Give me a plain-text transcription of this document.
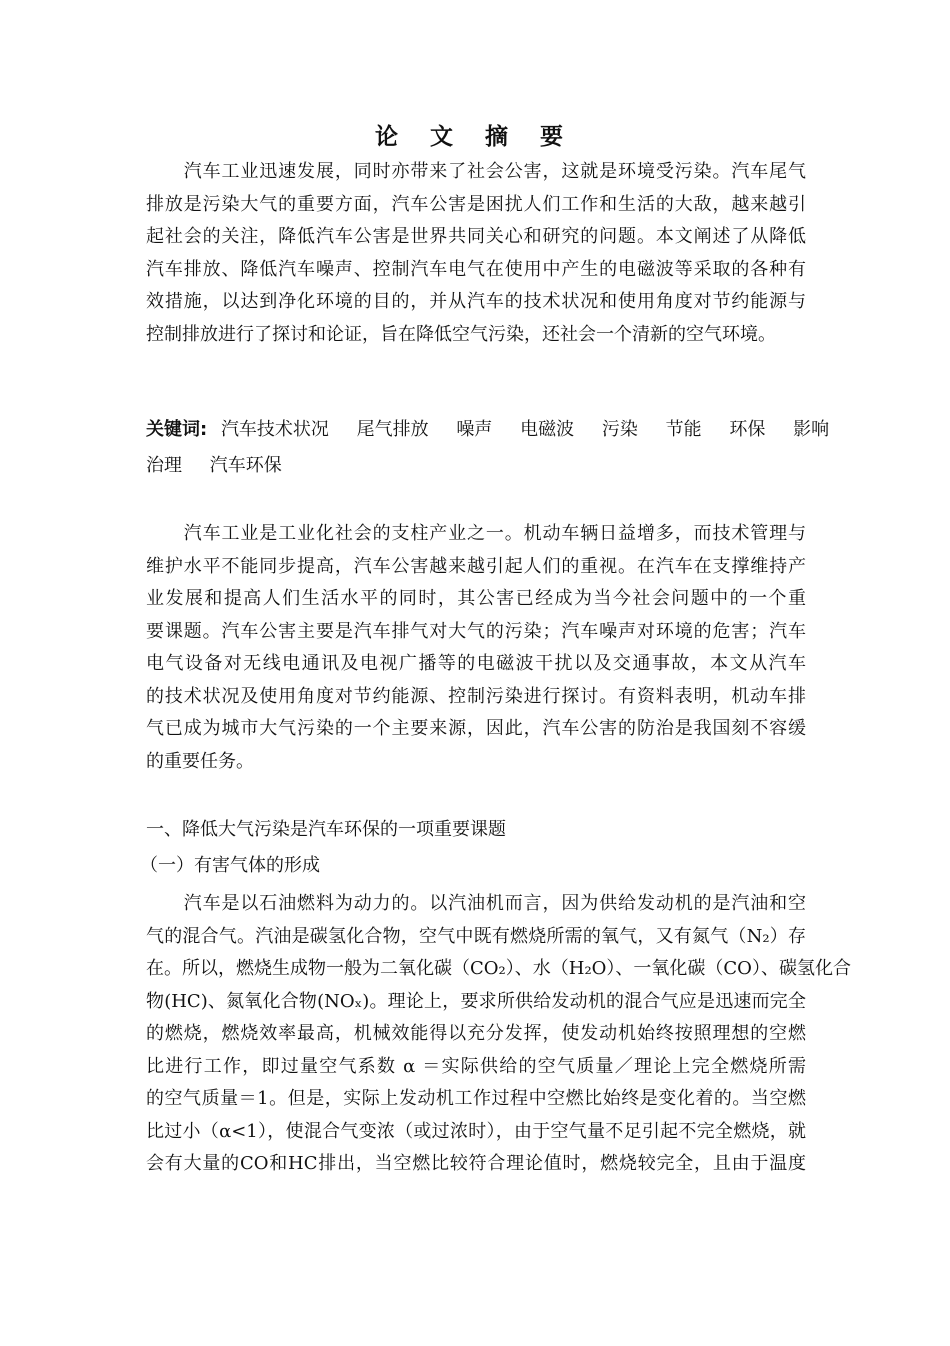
论 文 摘 要
　　汽车工业迅速发展，同时亦带来了社会公害，这就是环境受污染。汽车尾气
排放是污染大气的重要方面，汽车公害是困扰人们工作和生活的大敌，越来越引
起社会的关注，降低汽车公害是世界共同关心和研究的问题。本文阐述了从降低
汽车排放、降低汽车噪声、控制汽车电气在使用中产生的电磁波等采取的各种有
效措施，以达到净化环境的目的，并从汽车的技术状况和使用角度对节约能源与
控制排放进行了探讨和论证，旨在降低空气污染，还社会一个清新的空气环境。
关键词: 汽车技术状况 尾气排放 噪声 电磁波 污染 节能 环保 影响
治理 汽车环保
　　汽车工业是工业化社会的支柱产业之一。机动车辆日益增多，而技术管理与
维护水平不能同步提高，汽车公害越来越引起人们的重视。在汽车在支撑维持产
业发展和提高人们生活水平的同时，其公害已经成为当今社会问题中的一个重
要课题。汽车公害主要是汽车排气对大气的污染；汽车噪声对环境的危害；汽车
电气设备对无线电通讯及电视广播等的电磁波干扰以及交通事故，本文从汽车
的技术状况及使用角度对节约能源、控制污染进行探讨。有资料表明，机动车排
气已成为城市大气污染的一个主要来源，因此，汽车公害的防治是我国刻不容缓
的重要任务。
一、降低大气污染是汽车环保的一项重要课题
（一）有害气体的形成
　　汽车是以石油燃料为动力的。以汽油机而言，因为供给发动机的是汽油和空
气的混合气。汽油是碳氢化合物，空气中既有燃烧所需的氧气，又有氮气（N₂）存
在。所以，燃烧生成物一般为二氧化碳（CO₂）、水（H₂O）、一氧化碳（CO）、碳氢化合
物(HC)、氮氧化合物(NOₓ)。理论上，要求所供给发动机的混合气应是迅速而完全
的燃烧，燃烧效率最高，机械效能得以充分发挥，使发动机始终按照理想的空燃
比进行工作，即过量空气系数 α ＝实际供给的空气质量／理论上完全燃烧所需
的空气质量＝1。但是，实际上发动机工作过程中空燃比始终是变化着的。当空燃
比过小（α<1），使混合气变浓（或过浓时），由于空气量不足引起不完全燃烧，就
会有大量的CO和HC排出，当空燃比较符合理论值时，燃烧较完全，且由于温度
